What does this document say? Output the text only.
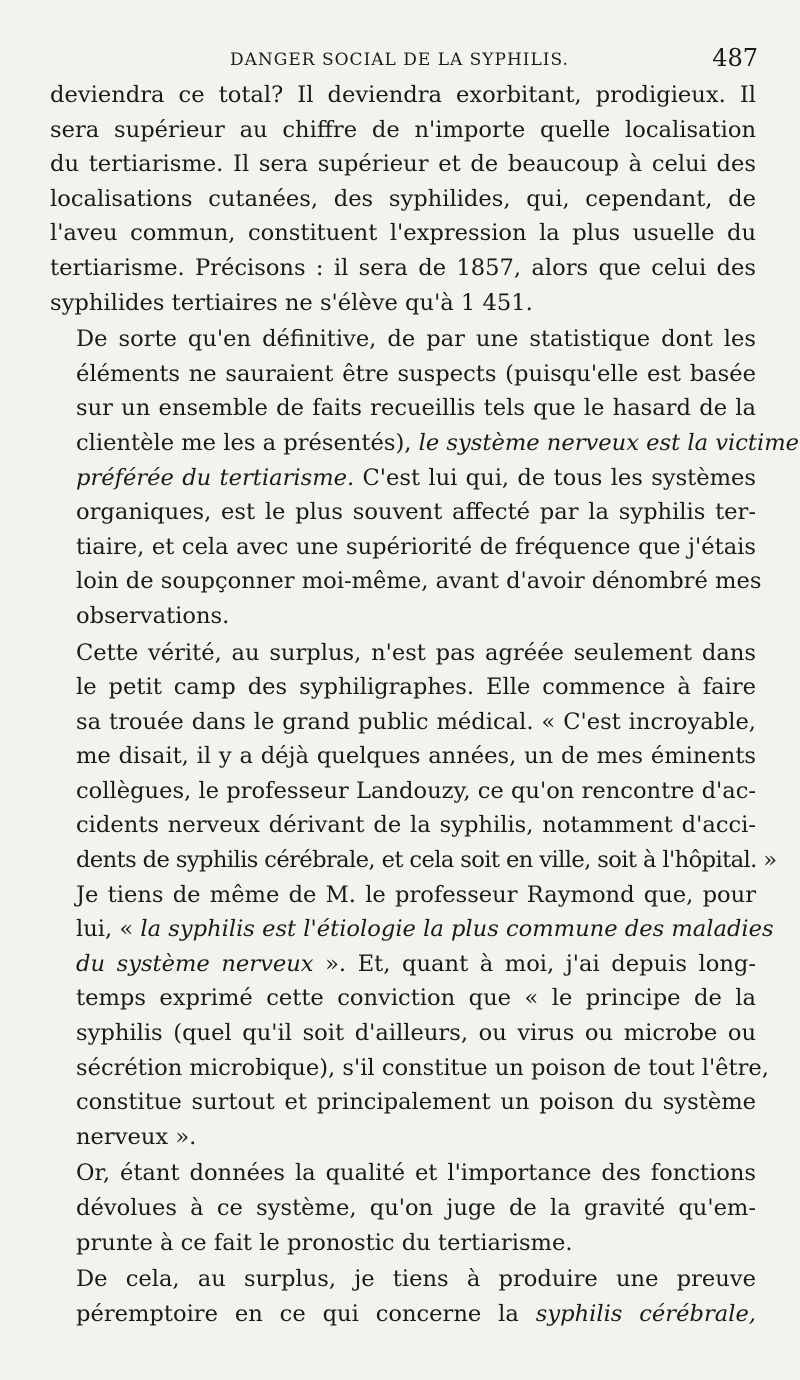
DANGER SOCIAL DE LA SYPHILIS.	487

deviendra ce total? Il deviendra exorbitant, prodigieux. Il
sera supérieur au chiffre de n'importe quelle localisation
du tertiarisme. Il sera supérieur et de beaucoup à celui des
localisations cutanées, des syphilides, qui, cependant, de
l'aveu commun, constituent l'expression la plus usuelle du
tertiarisme. Précisons : il sera de 1857, alors que celui des
syphilides tertiaires ne s'élève qu'à 1 451.

De sorte qu'en définitive, de par une statistique dont les
éléments ne sauraient être suspects (puisqu'elle est basée
sur un ensemble de faits recueillis tels que le hasard de la
clientèle me les a présentés), le système nerveux est la victime
préférée du tertiarisme. C'est lui qui, de tous les systèmes
organiques, est le plus souvent affecté par la syphilis ter-
tiaire, et cela avec une supériorité de fréquence que j'étais
loin de soupçonner moi-même, avant d'avoir dénombré mes
observations.

Cette vérité, au surplus, n'est pas agréée seulement dans
le petit camp des syphiligraphes. Elle commence à faire
sa trouée dans le grand public médical. « C'est incroyable,
me disait, il y a déjà quelques années, un de mes éminents
collègues, le professeur Landouzy, ce qu'on rencontre d'ac-
cidents nerveux dérivant de la syphilis, notamment d'acci-
dents de syphilis cérébrale, et cela soit en ville, soit à l'hôpital. »
Je tiens de même de M. le professeur Raymond que, pour
lui, « la syphilis est l'étiologie la plus commune des maladies
du système nerveux ». Et, quant à moi, j'ai depuis long-
temps exprimé cette conviction que « le principe de la
syphilis (quel qu'il soit d'ailleurs, ou virus ou microbe ou
sécrétion microbique), s'il constitue un poison de tout l'être,
constitue surtout et principalement un poison du système
nerveux ».

Or, étant données la qualité et l'importance des fonctions
dévolues à ce système, qu'on juge de la gravité qu'em-
prunte à ce fait le pronostic du tertiarisme.

De cela, au surplus, je tiens à produire une preuve
péremptoire en ce qui concerne la syphilis cérébrale,
